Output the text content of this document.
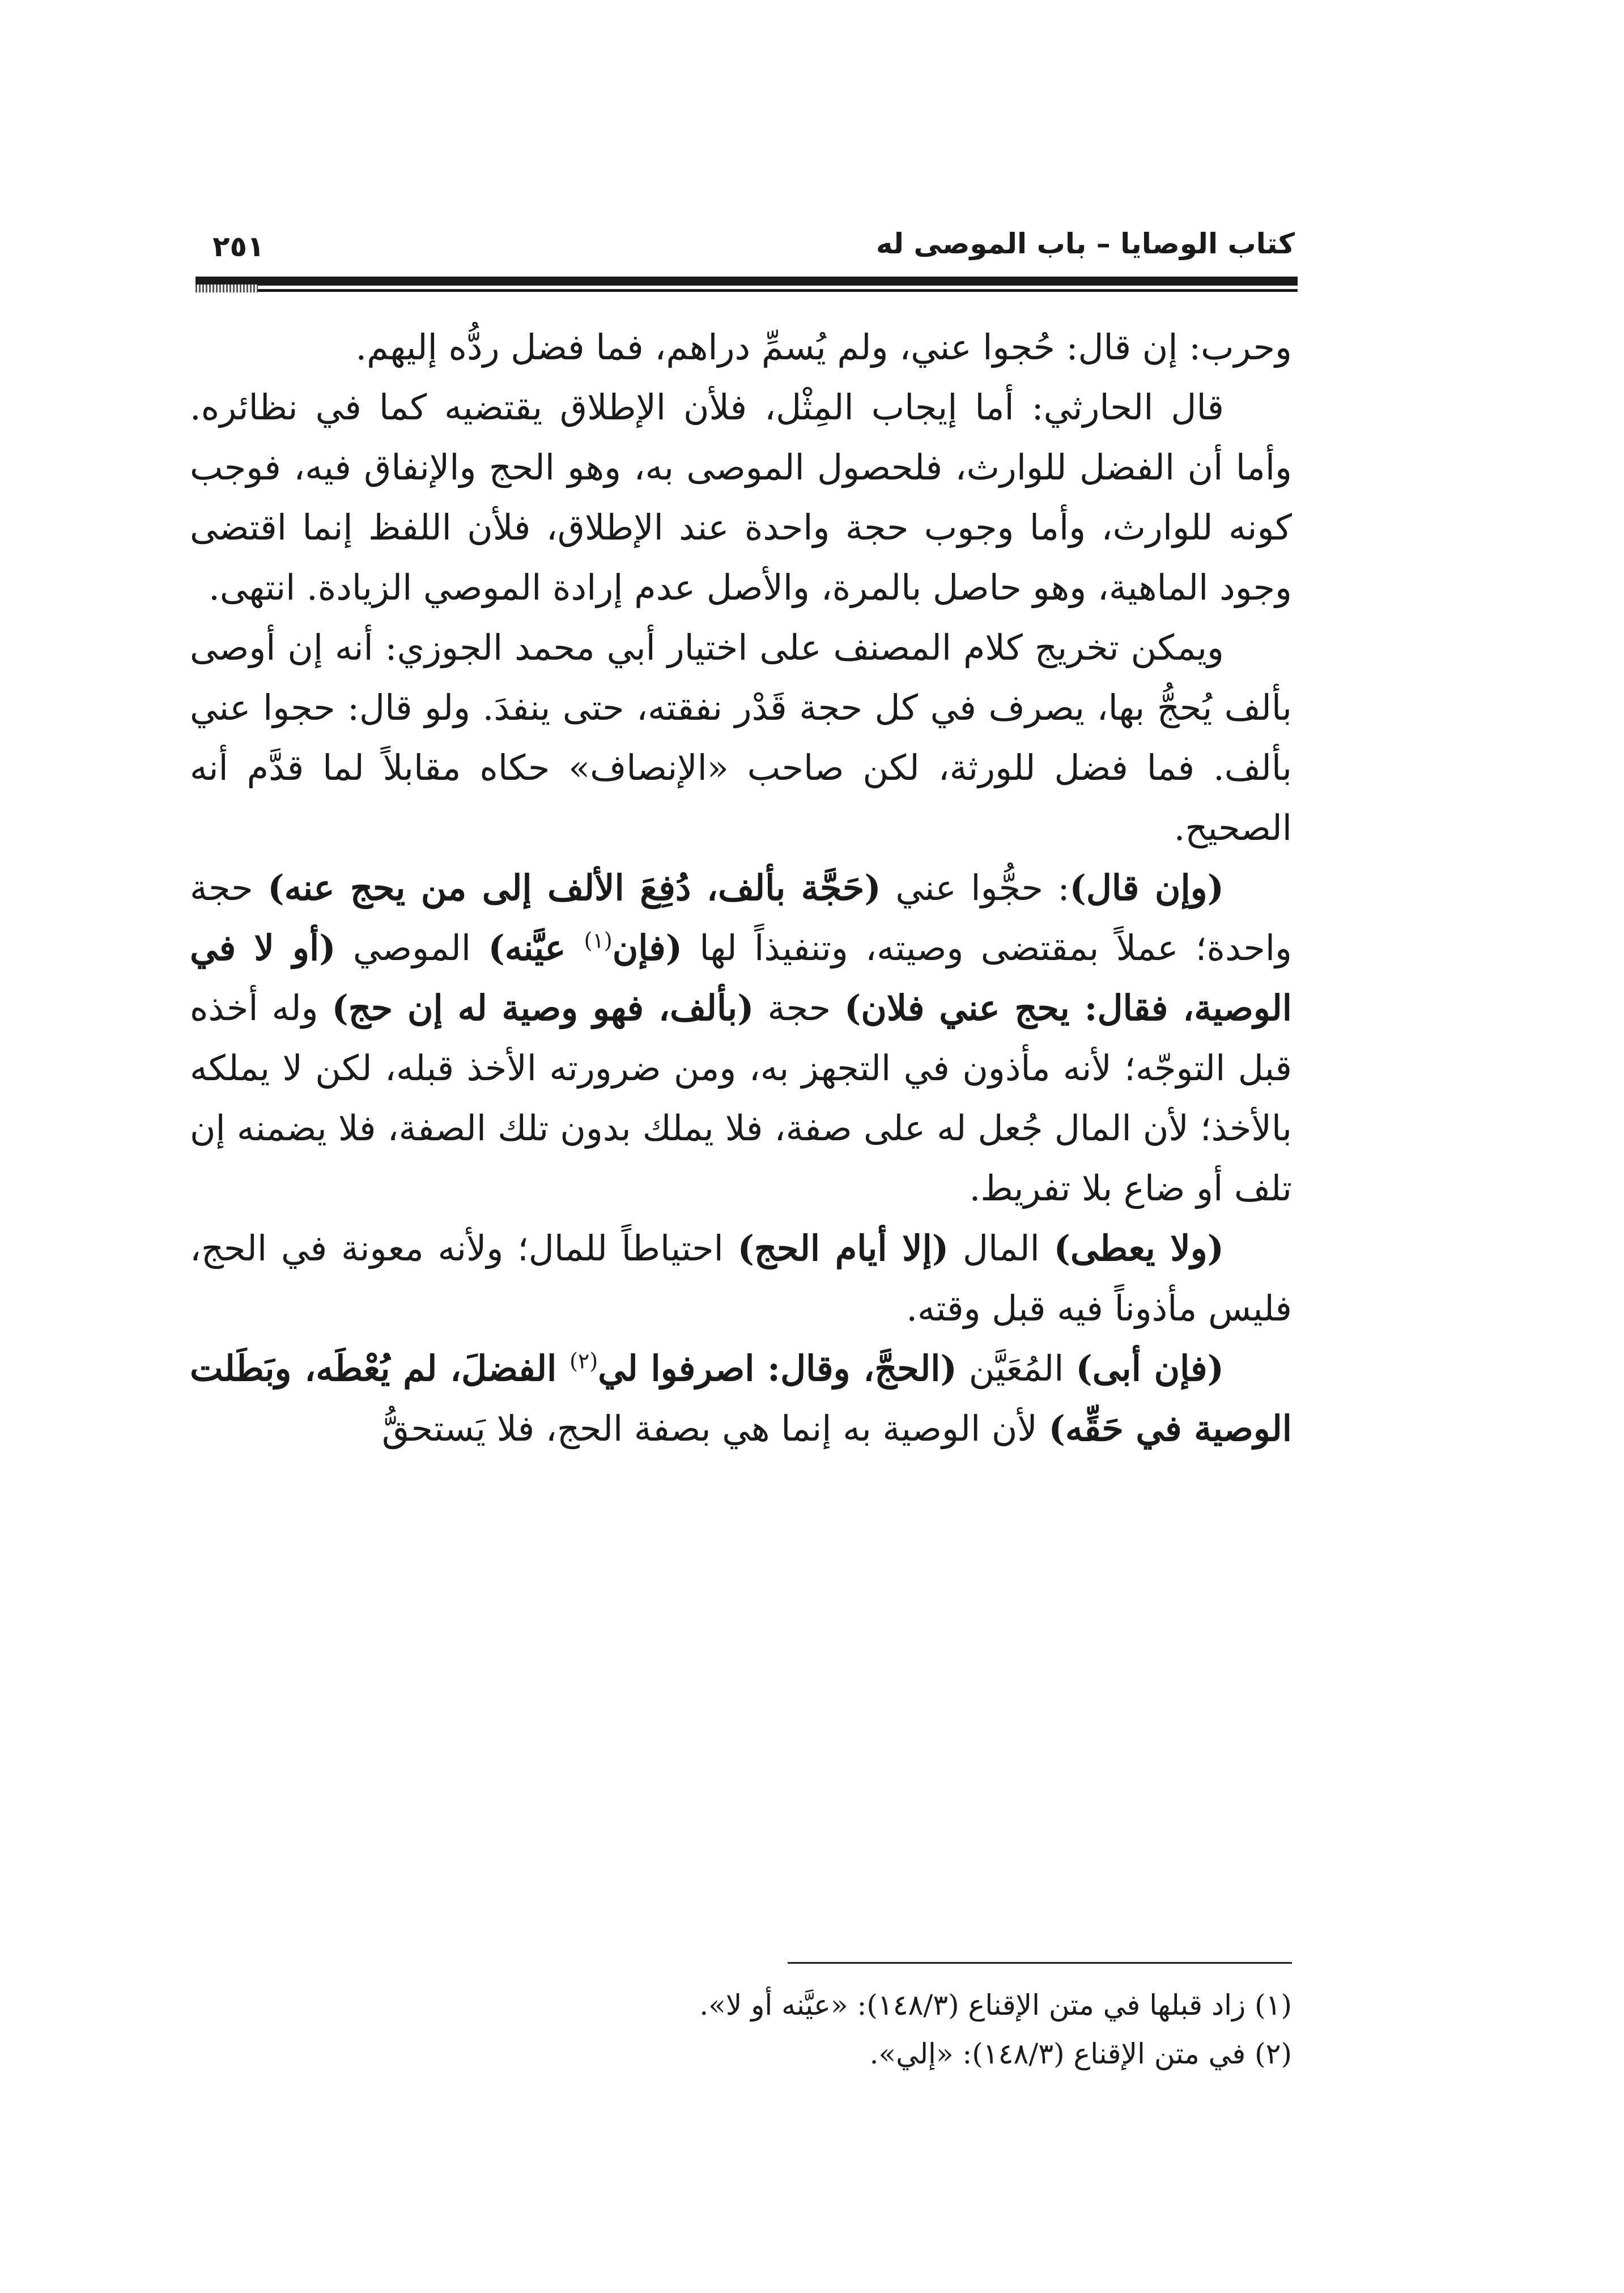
كتاب الوصايا – باب الموصى له
٢٥١

وحرب: إن قال: حُجوا عني، ولم يُسمِّ دراهم، فما فضل ردُّه إليهم.

قال الحارثي: أما إيجاب المِثْل، فلأن الإطلاق يقتضيه كما في نظائره. وأما أن الفضل للوارث، فلحصول الموصى به، وهو الحج والإنفاق فيه، فوجب كونه للوارث، وأما وجوب حجة واحدة عند الإطلاق، فلأن اللفظ إنما اقتضى وجود الماهية، وهو حاصل بالمرة، والأصل عدم إرادة الموصي الزيادة. انتهى.

ويمكن تخريج كلام المصنف على اختيار أبي محمد الجوزي: أنه إن أوصى بألف يُحجُّ بها، يصرف في كل حجة قَدْر نفقته، حتى ينفدَ. ولو قال: حجوا عني بألف. فما فضل للورثة، لكن صاحب «الإنصاف» حكاه مقابلاً لما قدَّم أنه الصحيح.

(وإن قال): حجُّوا عني (حَجَّة بألف، دُفِعَ الألف إلى من يحج عنه) حجة واحدة؛ عملاً بمقتضى وصيته، وتنفيذاً لها (فإن$^{(١)}$ عيَّنه) الموصي (أو لا في الوصية، فقال: يحج عني فلان) حجة (بألف، فهو وصية له إن حج) وله أخذه قبل التوجّه؛ لأنه مأذون في التجهز به، ومن ضرورته الأخذ قبله، لكن لا يملكه بالأخذ؛ لأن المال جُعل له على صفة، فلا يملك بدون تلك الصفة، فلا يضمنه إن تلف أو ضاع بلا تفريط.

(ولا يعطى) المال (إلا أيام الحج) احتياطاً للمال؛ ولأنه معونة في الحج، فليس مأذوناً فيه قبل وقته.

(فإن أبى) المُعَيَّن (الحجَّ، وقال: اصرفوا لي$^{(٢)}$ الفضلَ، لم يُعْطَه، وبَطَلت الوصية في حَقِّه) لأن الوصية به إنما هي بصفة الحج، فلا يَستحقُّ

(١) زاد قبلها في متن الإقناع (١٤٨/٣): «عيَّنه أو لا».

(٢) في متن الإقناع (١٤٨/٣): «إلي».
